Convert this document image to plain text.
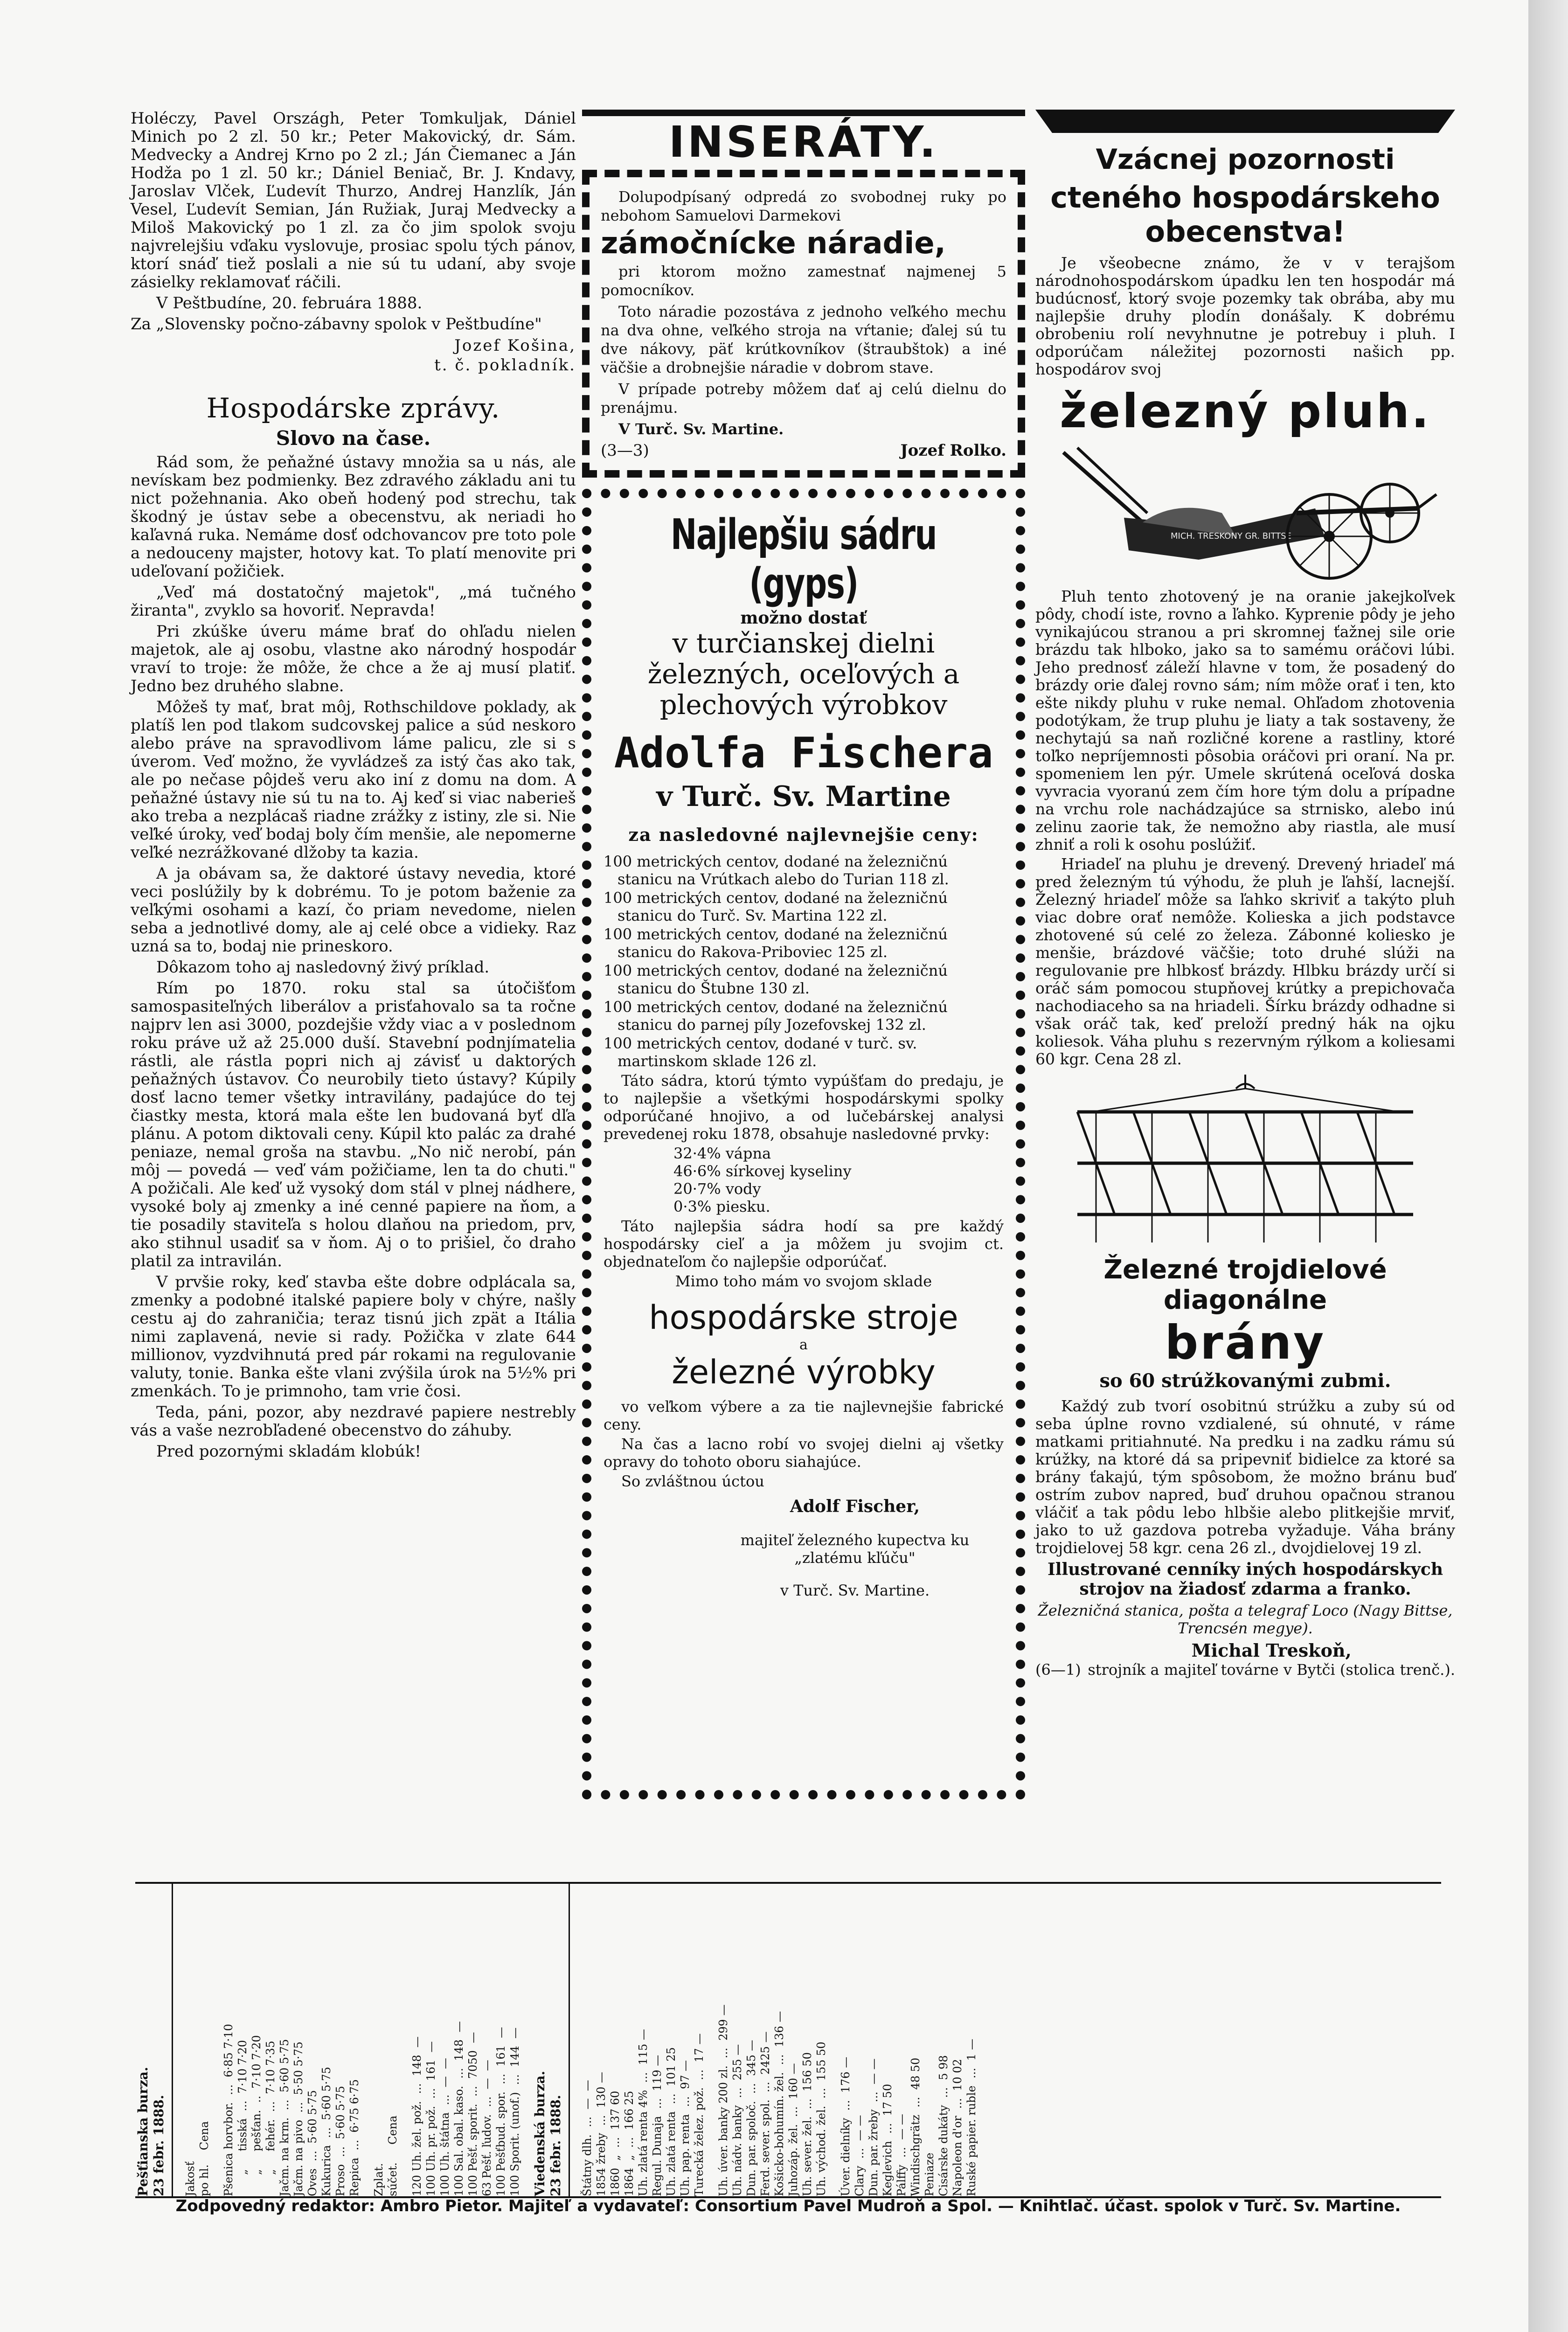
Holéczy, Pavel Országh, Peter Tomkuljak, Dániel Minich po 2 zl. 50 kr.; Peter Makovický, dr. Sám. Medvecky a Andrej Krno po 2 zl.; Ján Čiemanec a Ján Hodža po 1 zl. 50 kr.; Dániel Beniač, Br. J. Kndavy, Jaroslav Vlček, Ľudevít Thurzo, Andrej Hanzlík, Ján Vesel, Ľudevít Semian, Ján Ružiak, Juraj Medvecky a Miloš Makovický po 1 zl. za čo jim spolok svoju najvrelejšiu vďaku vyslovuje, prosiac spolu tých pánov, ktorí snáď tiež poslali a nie sú tu udaní, aby svoje zásielky reklamovať ráčili.

V Peštbudíne, 20. februára 1888.

Za „Slovensky počno-zábavny spolok v Peštbudíne"

Jozef Košina,
t. č. pokladník.
Hospodárske zprávy.
Slovo na čase.

Rád som, že peňažné ústavy množia sa u nás, ale nevískam bez podmienky. Bez zdravého základu ani tu nict požehnania. Ako obeň hodený pod strechu, tak škodný je ústav sebe a obecenstvu, ak neriadi ho kaľavná ruka. Nemáme dosť odchovancov pre toto pole a nedouceny majster, hotovy kat. To platí menovite pri udeľovaní požičiek.

„Veď má dostatočný majetok", „má tučného žiranta", zvyklo sa hovoriť. Nepravda!

Pri zkúške úveru máme brať do ohľadu nielen majetok, ale aj osobu, vlastne ako národný hospodár vraví to troje: že môže, že chce a že aj musí platiť. Jedno bez druhého slabne.

Môžeš ty mať, brat môj, Rothschildove poklady, ak platíš len pod tlakom sudcovskej palice a súd neskoro alebo práve na spravodlivom láme palicu, zle si s úverom. Veď možno, že vyvládzeš za istý čas ako tak, ale po nečase pôjdeš veru ako iní z domu na dom. A peňažné ústavy nie sú tu na to. Aj keď si viac naberieš ako treba a nezplácaš riadne zrážky z istiny, zle si. Nie veľké úroky, veď bodaj boly čím menšie, ale nepomerne veľké nezrážkované dlžoby ta kazia.

A ja obávam sa, že daktoré ústavy nevedia, ktoré veci poslúžily by k dobrému. To je potom baženie za veľkými osohami a kazí, čo priam nevedome, nielen seba a jednotlivé domy, ale aj celé obce a vidieky. Raz uzná sa to, bodaj nie prineskoro.

Dôkazom toho aj nasledovný živý príklad.

Rím po 1870. roku stal sa útočišťom samospasiteľných liberálov a prisťahovalo sa ta ročne najprv len asi 3000, pozdejšie vždy viac a v poslednom roku práve už až 25.000 duší. Stavební podnjímatelia rástli, ale rástla popri nich aj závisť u daktorých peňažných ústavov. Čo neurobily tieto ústavy? Kúpily dosť lacno temer všetky intravilány, padajúce do tej čiastky mesta, ktorá mala ešte len budovaná byť dľa plánu. A potom diktovali ceny. Kúpil kto palác za drahé peniaze, nemal groša na stavbu. „No nič nerobí, pán môj — povedá — veď vám požičiame, len ta do chuti." A požičali. Ale keď už vysoký dom stál v plnej nádhere, vysoké boly aj zmenky a iné cenné papiere na ňom, a tie posadily staviteľa s holou dlaňou na priedom, prv, ako stihnul usadiť sa v ňom. Aj o to prišiel, čo draho platil za intravilán.

V prvšie roky, keď stavba ešte dobre odplácala sa, zmenky a podobné italské papiere boly v chýre, našly cestu aj do zahraničia; teraz tisnú jich zpät a Itália nimi zaplavená, nevie si rady. Požička v zlate 644 millionov, vyzdvihnutá pred pár rokami na regulovanie valuty, tonie. Banka ešte vlani zvýšila úrok na 5½% pri zmenkách. To je primnoho, tam vrie čosi.

Teda, páni, pozor, aby nezdravé papiere nestrebly vás a vaše nezrobľadené obecenstvo do záhuby.

Pred pozornými skladám klobúk!

INSERÁTY.

Dolupodpísaný odpredá zo svobodnej ruky po nebohom Samuelovi Darmekovi

zámočnícke náradie,

pri ktorom možno zamestnať najmenej 5 pomocníkov.

Toto náradie pozostáva z jednoho veľkého mechu na dva ohne, veľkého stroja na vŕtanie; ďalej sú tu dve nákovy, päť krútkovníkov (štraubštok) a iné väčšie a drobnejšie náradie v dobrom stave.

V prípade potreby môžem dať aj celú dielnu do prenájmu.

V Turč. Sv. Martine.

(3—3)	Jozef Rolko.

Najlepšiu sádru (gyps)

možno dostať

v turčianskej dielni železných, oceľových a plechových výrobkov

Adolfa Fischera

v Turč. Sv. Martine

za nasledovné najlevnejšie ceny:

100 metrických centov, dodané na železničnú stanicu na Vrútkach alebo do Turian 118 zl.

100 metrických centov, dodané na železničnú stanicu do Turč. Sv. Martina 122 zl.

100 metrických centov, dodané na železničnú stanicu do Rakova-Priboviec 125 zl.

100 metrických centov, dodané na železničnú stanicu do Štubne 130 zl.

100 metrických centov, dodané na železničnú stanicu do parnej píly Jozefovskej 132 zl.

100 metrických centov, dodané v turč. sv. martinskom sklade 126 zl.

Táto sádra, ktorú týmto vypúšťam do predaju, je to najlepšie a všetkými hospodárskymi spolky odporúčané hnojivo, a od lučebárskej analysi prevedenej roku 1878, obsahuje nasledovné prvky:

32·4% vápna
46·6% sírkovej kyseliny
20·7% vody
0·3% piesku.

Táto najlepšia sádra hodí sa pre každý hospodársky cieľ a ja môžem ju svojim ct. objednateľom čo najlepšie odporúčať.

Mimo toho mám vo svojom sklade

hospodárske stroje

a

železné výrobky

vo veľkom výbere a za tie najlevnejšie fabrické ceny.

Na čas a lacno robí vo svojej dielni aj všetky opravy do tohoto oboru siahajúce.

So zvláštnou úctou

Adolf Fischer,

majiteľ železného kupectva ku „zlatému kľúču"

v Turč. Sv. Martine.

Vzácnej pozornosti
cteného hospodárskeho obecenstva!

Je všeobecne známo, že v v terajšom národnohospodárskom úpadku len ten hospodár má budúcnosť, ktorý svoje pozemky tak obrába, aby mu najlepšie druhy plodín donášaly. K dobrému obrobeniu rolí nevyhnutne je potrebuy i pluh. I odporúčam náležitej pozornosti našich pp. hospodárov svoj

železný pluh.
MICH. TRESKONY GR. BITTSE

Pluh tento zhotovený je na oranie jakejkoľvek pôdy, chodí iste, rovno a ľahko. Kyprenie pôdy je jeho vynikajúcou stranou a pri skromnej ťažnej sile orie brázdu tak hlboko, jako sa to samému oráčovi lúbi. Jeho prednosť záleží hlavne v tom, že posadený do brázdy orie ďalej rovno sám; ním môže orať i ten, kto ešte nikdy pluhu v ruke nemal. Ohľadom zhotovenia podotýkam, že trup pluhu je liaty a tak sostaveny, že nechytajú sa naň rozličné korene a rastliny, ktoré toľko nepríjemnosti pôsobia oráčovi pri oraní. Na pr. spomeniem len pýr. Umele skrútená oceľová doska vyvracia vyoranú zem čím hore tým dolu a prípadne na vrchu role nachádzajúce sa strnisko, alebo inú zelinu zaorie tak, že nemožno aby riastla, ale musí zhniť a roli k osohu poslúžiť.

Hriadeľ na pluhu je drevený. Drevený hriadeľ má pred železným tú výhodu, že pluh je ľahší, lacnejší. Železný hriadeľ môže sa ľahko skriviť a takýto pluh viac dobre orať nemôže. Kolieska a jich podstavce zhotovené sú celé zo železa. Zábonné koliesko je menšie, brázdové väčšie; toto druhé slúži na regulovanie pre hlbkosť brázdy. Hlbku brázdy určí si oráč sám pomocou stupňovej krútky a prepichovača nachodiaceho sa na hriadeli. Šírku brázdy odhadne si však oráč tak, keď preloží predný hák na ojku koliesok. Váha pluhu s rezervným rýlkom a koliesami 60 kgr. Cena 28 zl.

Železné trojdielové diagonálne
brány
so 60 strúžkovanými zubmi.

Každý zub tvorí osobitnú strúžku a zuby sú od seba úplne rovno vzdialené, sú ohnuté, v ráme matkami pritiahnuté. Na predku i na zadku rámu sú krúžky, na ktoré dá sa pripevniť bidielce za ktoré sa brány ťakajú, tým spôsobom, že možno bránu buď ostrím zubov napred, buď druhou opačnou stranou vláčiť a tak pôdu lebo hlbšie alebo plitkejšie mrviť, jako to už gazdova potreba vyžaduje. Váha brány trojdielovej 58 kgr. cena 26 zl., dvojdielovej 19 zl.

Illustrované cenníky iných hospodárskych strojov na žiadosť zdarma a franko.
Železničná stanica, pošta a telegraf Loco (Nagy Bittse, Trencsén megye).
(6—1)
Michal Treskoň,
strojník a majiteľ továrne v Bytči (stolica trenč.).
Pešťianska burza.
23 febr. 1888.
Jakosť
po hl.    Cena
Pšenica horvbor.  ...  6·85 7·10
„     tisská  ...  7·10 7·20
„     pešťan.  ..  7·10 7·20
„     fehér.  ...  7·10 7·35
Jačm. na krm.  ...  5·60 5·75
Jačm. na pivo  ...  5·50 5·75
Oves  ...  5·60 5·75
Kukurica  ...  5·60 5·75
Proso  ...  5·60 5·75
Repica  ...  6·75 6·75
Zplat.
súčet.     Cena
120 Uh. žel. pož.  ...  148  —
100 Uh. pr. pož.  ...  161  —
100 Uh. štátna  ...  —  —
100 Sal. obal. kaso.  ...  148  —
100 Pešť. sporit.  ...  7050  —
63 Pešť. ľudov.  ...  —  —
100 Pešťbud. spor.  ...  161  —
100 Sporit. (unof.)  ...  144  —
Viedenská burza.
23 febr. 1888.
Štátny dlh.  ...  —  —
1854 žreby  ...  130 —
1860  „  ...  137 60
1864  „  ...  166 25
Uh. zlatá renta 4%  ...  115 —
Regul. Dunaja  ...  119 —
Uh. zlatá renta  ...  101 25
Uh. pap. renta  ...  97 —
Turecká želez. pož.  ...  17 —
Uh. úver. banky 200 zl.  ...  299 —
Uh. nádv. banky  ...  255 —
Dun. par. spoloč.  ...  345 —
Ferd. sever. spol.  ...  2425 —
Košicko-bohumín. žel.  ...  136 —
Juhozáp. žel.  ...  160 —
Uh. sever. žel.  ...  156 50
Uh. východ. žel.  ...  155 50
Úver. dielníky  ...  176 —
Clary  ...  — —
Dun. par. žreby  ...  — —
Keglevich  ...  17 50
Pálffy  ...  — —
Windischgrätz  ...  48 50
Peniaze
Cisárske dukáty  ...  5 98
Napoleon d'or  ...  10 02
Ruské papier. ruble  ...  1 —
Zodpovedný redaktor: Ambro Pietor. Majiteľ a vydavateľ: Consortium Pavel Mudroň a Spol. — Knihtlač. účast. spolok v Turč. Sv. Martine.
